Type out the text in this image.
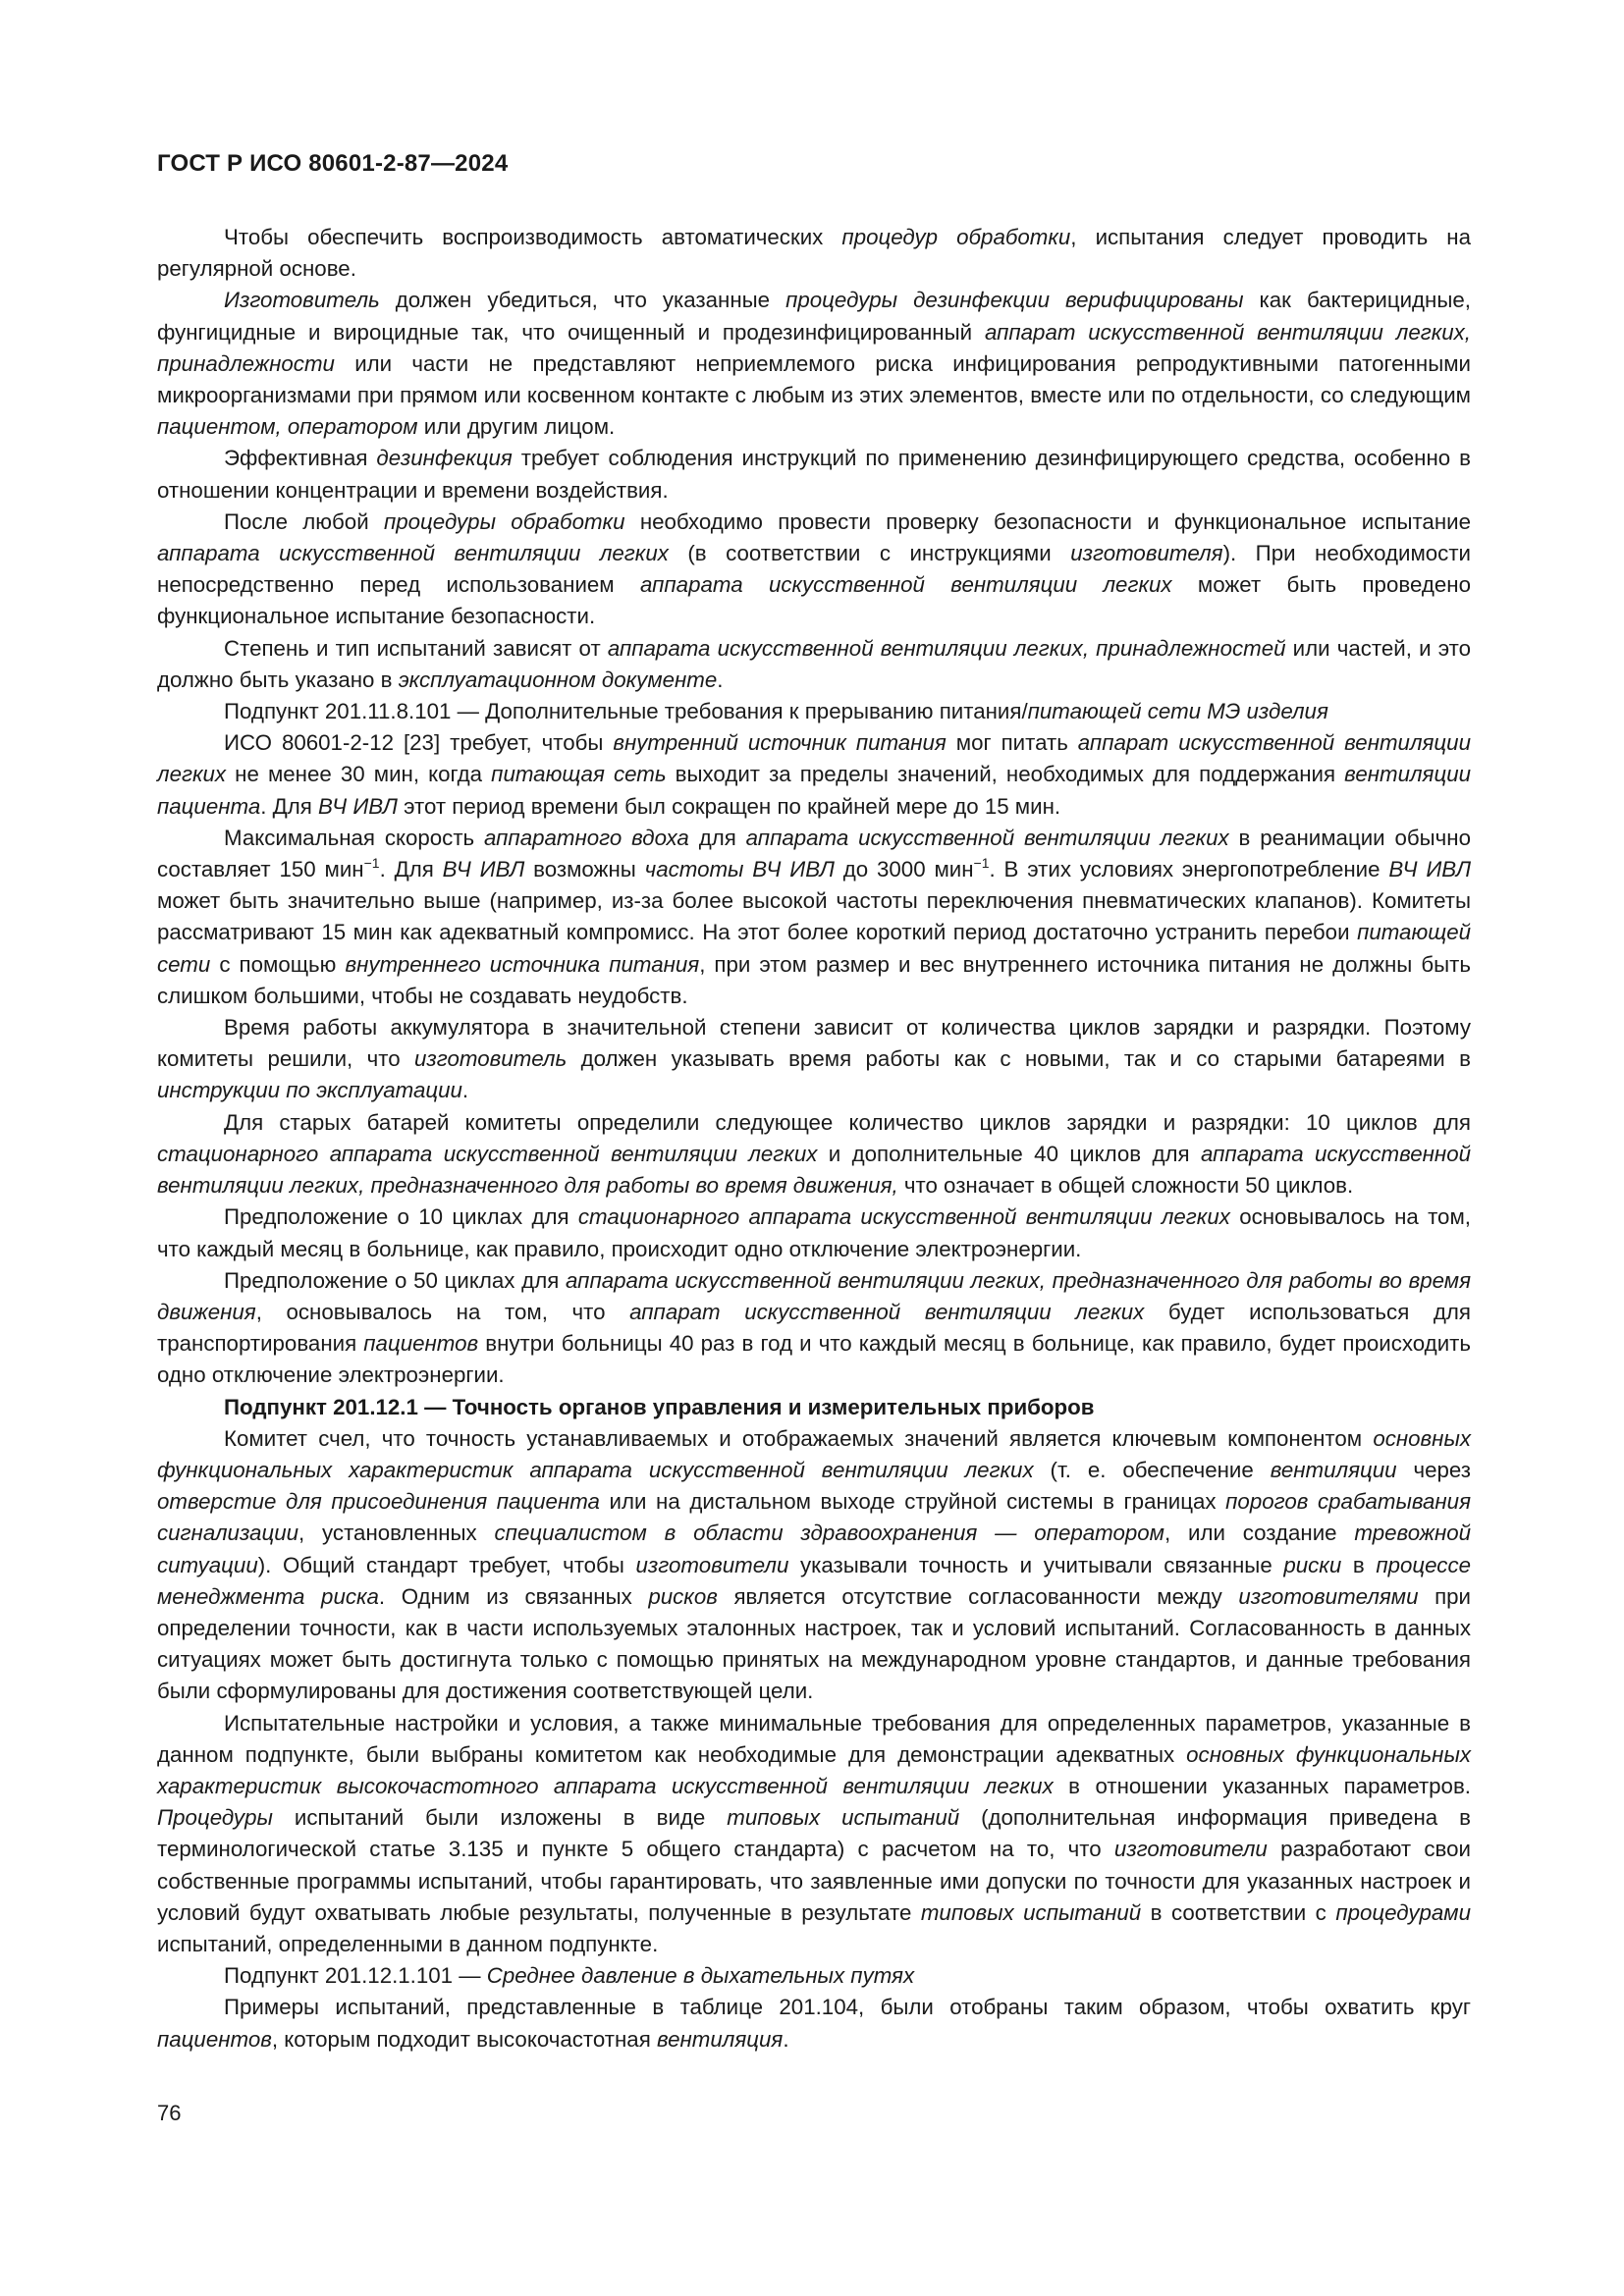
ГОСТ Р ИСО 80601-2-87—2024

Чтобы обеспечить воспроизводимость автоматических процедур обработки, испытания следует проводить на регулярной основе.

Изготовитель должен убедиться, что указанные процедуры дезинфекции верифицированы как бактерицидные, фунгицидные и вироцидные так, что очищенный и продезинфицированный аппарат искусственной вентиляции легких, принадлежности или части не представляют неприемлемого риска инфицирования репродуктивными патогенными микроорганизмами при прямом или косвенном контакте с любым из этих элементов, вместе или по отдельности, со следующим пациентом, оператором или другим лицом.

Эффективная дезинфекция требует соблюдения инструкций по применению дезинфицирующего средства, особенно в отношении концентрации и времени воздействия.

После любой процедуры обработки необходимо провести проверку безопасности и функциональное испытание аппарата искусственной вентиляции легких (в соответствии с инструкциями изготовителя). При необходимости непосредственно перед использованием аппарата искусственной вентиляции легких может быть проведено функциональное испытание безопасности.

Степень и тип испытаний зависят от аппарата искусственной вентиляции легких, принадлежностей или частей, и это должно быть указано в эксплуатационном документе.

Подпункт 201.11.8.101 — Дополнительные требования к прерыванию питания/питающей сети МЭ изделия

ИСО 80601-2-12 [23] требует, чтобы внутренний источник питания мог питать аппарат искусственной вентиляции легких не менее 30 мин, когда питающая сеть выходит за пределы значений, необходимых для поддержания вентиляции пациента. Для ВЧ ИВЛ этот период времени был сокращен по крайней мере до 15 мин.

Максимальная скорость аппаратного вдоха для аппарата искусственной вентиляции легких в реанимации обычно составляет 150 мин$^{-1}$. Для ВЧ ИВЛ возможны частоты ВЧ ИВЛ до 3000 мин$^{-1}$. В этих условиях энергопотребление ВЧ ИВЛ может быть значительно выше (например, из-за более высокой частоты переключения пневматических клапанов). Комитеты рассматривают 15 мин как адекватный компромисс. На этот более короткий период достаточно устранить перебои питающей сети с помощью внутреннего источника питания, при этом размер и вес внутреннего источника питания не должны быть слишком большими, чтобы не создавать неудобств.

Время работы аккумулятора в значительной степени зависит от количества циклов зарядки и разрядки. Поэтому комитеты решили, что изготовитель должен указывать время работы как с новыми, так и со старыми батареями в инструкции по эксплуатации.

Для старых батарей комитеты определили следующее количество циклов зарядки и разрядки: 10 циклов для стационарного аппарата искусственной вентиляции легких и дополнительные 40 циклов для аппарата искусственной вентиляции легких, предназначенного для работы во время движения, что означает в общей сложности 50 циклов.

Предположение о 10 циклах для стационарного аппарата искусственной вентиляции легких основывалось на том, что каждый месяц в больнице, как правило, происходит одно отключение электроэнергии.

Предположение о 50 циклах для аппарата искусственной вентиляции легких, предназначенного для работы во время движения, основывалось на том, что аппарат искусственной вентиляции легких будет использоваться для транспортирования пациентов внутри больницы 40 раз в год и что каждый месяц в больнице, как правило, будет происходить одно отключение электроэнергии.

Подпункт 201.12.1 — Точность органов управления и измерительных приборов

Комитет счел, что точность устанавливаемых и отображаемых значений является ключевым компонентом основных функциональных характеристик аппарата искусственной вентиляции легких (т. е. обеспечение вентиляции через отверстие для присоединения пациента или на дистальном выходе струйной системы в границах порогов срабатывания сигнализации, установленных специалистом в области здравоохранения — оператором, или создание тревожной ситуации). Общий стандарт требует, чтобы изготовители указывали точность и учитывали связанные риски в процессе менеджмента риска. Одним из связанных рисков является отсутствие согласованности между изготовителями при определении точности, как в части используемых эталонных настроек, так и условий испытаний. Согласованность в данных ситуациях может быть достигнута только с помощью принятых на международном уровне стандартов, и данные требования были сформулированы для достижения соответствующей цели.

Испытательные настройки и условия, а также минимальные требования для определенных параметров, указанные в данном подпункте, были выбраны комитетом как необходимые для демонстрации адекватных основных функциональных характеристик высокочастотного аппарата искусственной вентиляции легких в отношении указанных параметров. Процедуры испытаний были изложены в виде типовых испытаний (дополнительная информация приведена в терминологической статье 3.135 и пункте 5 общего стандарта) с расчетом на то, что изготовители разработают свои собственные программы испытаний, чтобы гарантировать, что заявленные ими допуски по точности для указанных настроек и условий будут охватывать любые результаты, полученные в результате типовых испытаний в соответствии с процедурами испытаний, определенными в данном подпункте.

Подпункт 201.12.1.101 — Среднее давление в дыхательных путях

Примеры испытаний, представленные в таблице 201.104, были отобраны таким образом, чтобы охватить круг пациентов, которым подходит высокочастотная вентиляция.

76
